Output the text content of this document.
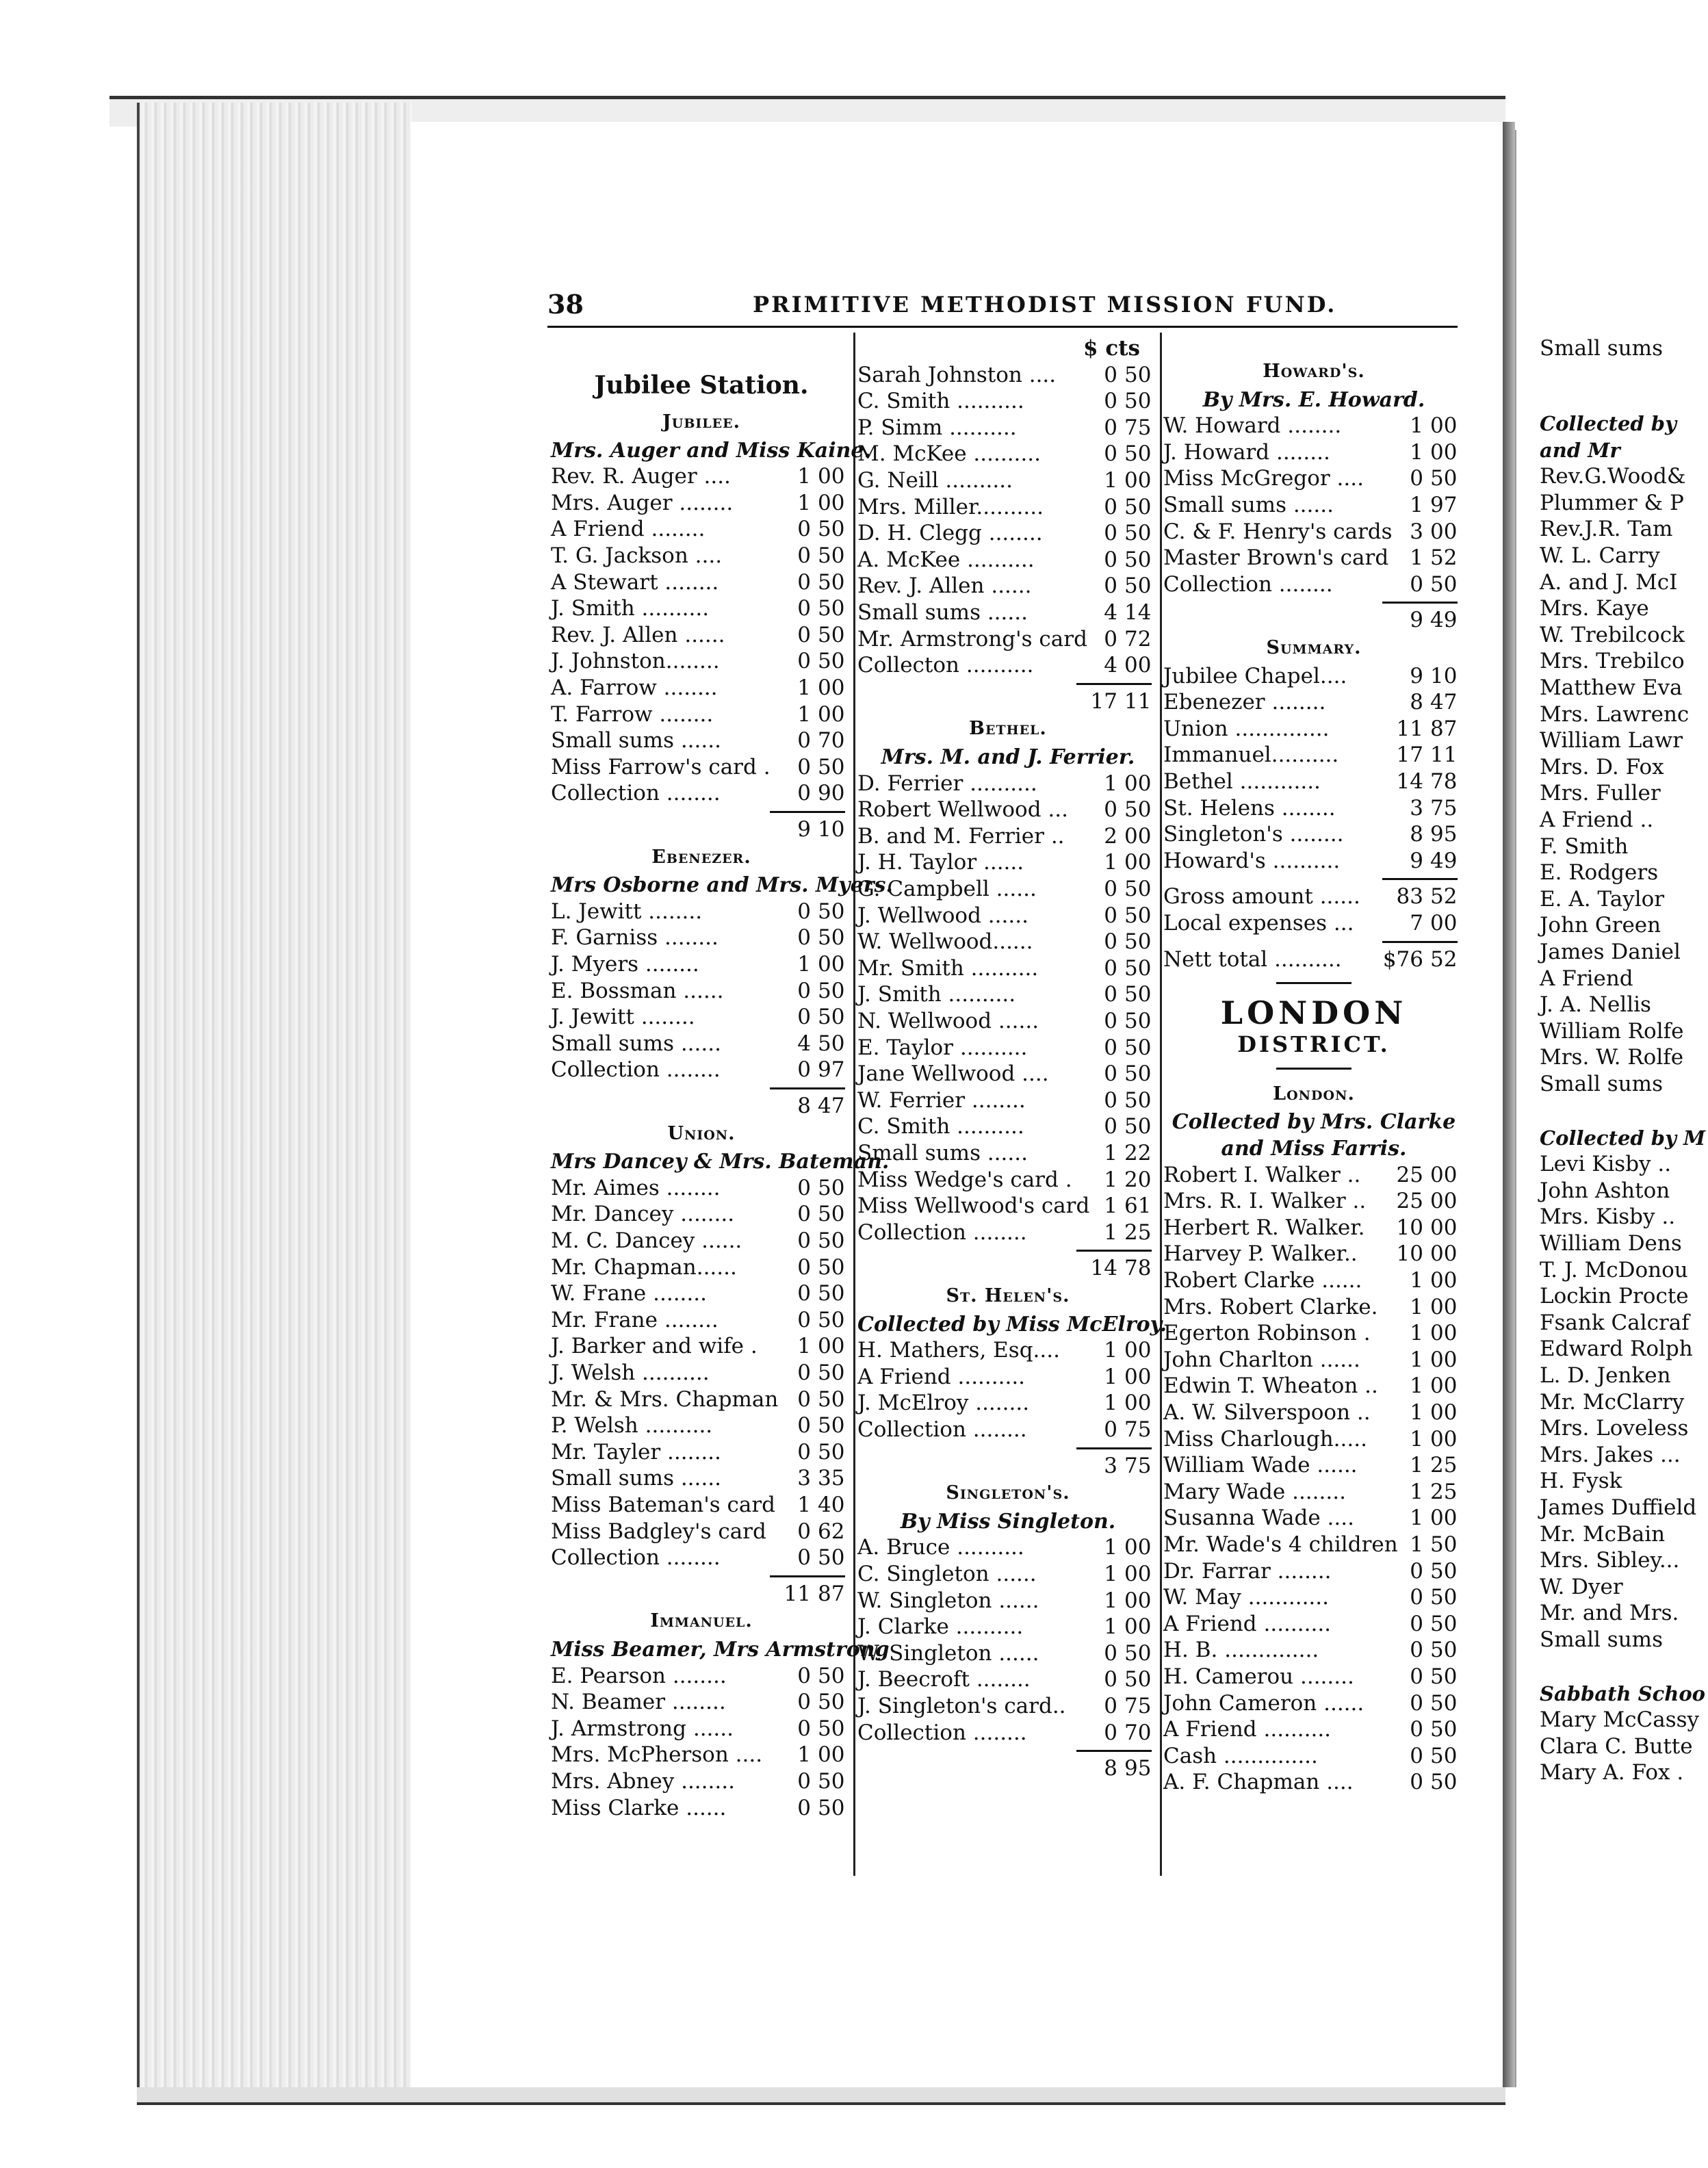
38	PRIMITIVE METHODIST MISSION FUND.
Jubilee Station.
Jubilee.
Mrs. Auger and Miss Kaine.
Rev. R. Auger ....	1 00
Mrs. Auger ........	1 00
A Friend ........	0 50
T. G. Jackson ....	0 50
A Stewart ........	0 50
J. Smith ..........	0 50
Rev. J. Allen ......	0 50
J. Johnston........	0 50
A. Farrow ........	1 00
T. Farrow ........	1 00
Small sums ......	0 70
Miss Farrow's card .	0 50
Collection ........	0 90
9 10
Ebenezer.
Mrs Osborne and Mrs. Myers.
L. Jewitt ........	0 50
F. Garniss ........	0 50
J. Myers ........	1 00
E. Bossman ......	0 50
J. Jewitt ........	0 50
Small sums ......	4 50
Collection ........	0 97
8 47
Union.
Mrs Dancey & Mrs. Bateman.
Mr. Aimes ........	0 50
Mr. Dancey ........	0 50
M. C. Dancey ......	0 50
Mr. Chapman......	0 50
W. Frane ........	0 50
Mr. Frane ........	0 50
J. Barker and wife .	1 00
J. Welsh ..........	0 50
Mr. & Mrs. Chapman 0 50
P. Welsh ..........	0 50
Mr. Tayler ........	0 50
Small sums ......	3 35
Miss Bateman's card	1 40
Miss Badgley's card	0 62
Collection ........	0 50
11 87
Immanuel.
Miss Beamer, Mrs Armstrong
E. Pearson ........	0 50
N. Beamer ........	0 50
J. Armstrong ......	0 50
Mrs. McPherson ....	1 00
Mrs. Abney ........	0 50
Miss Clarke ......	0 50
$ cts
Sarah Johnston ....	0 50
C. Smith ..........	0 50
P. Simm ..........	0 75
M. McKee ..........	0 50
G. Neill ..........	1 00
Mrs. Miller..........	0 50
D. H. Clegg ........	0 50
A. McKee ..........	0 50
Rev. J. Allen ......	0 50
Small sums ......	4 14
Mr. Armstrong's card 0 72
Collecton ..........	4 00
17 11
Bethel.
Mrs. M. and J. Ferrier.
D. Ferrier ..........	1 00
Robert Wellwood ...	0 50
B. and M. Ferrier ..	2 00
J. H. Taylor ......	1 00
G. Campbell ......	0 50
J. Wellwood ......	0 50
W. Wellwood......	0 50
Mr. Smith ..........	0 50
J. Smith ..........	0 50
N. Wellwood ......	0 50
E. Taylor ..........	0 50
Jane Wellwood ....	0 50
W. Ferrier ........	0 50
C. Smith ..........	0 50
Small sums ......	1 22
Miss Wedge's card .	1 20
Miss Wellwood's card 1 61
Collection ........	1 25
14 78
St. Helen's.
Collected by Miss McElroy.
H. Mathers, Esq....	1 00
A Friend ..........	1 00
J. McElroy ........	1 00
Collection ........	0 75
3 75
Singleton's.
By Miss Singleton.
A. Bruce ..........	1 00
C. Singleton ......	1 00
W. Singleton ......	1 00
J. Clarke ..........	1 00
W. Singleton ......	0 50
J. Beecroft ........	0 50
J. Singleton's card..	0 75
Collection ........	0 70
8 95
Howard's.
By Mrs. E. Howard.
W. Howard ........	1 00
J. Howard ........	1 00
Miss McGregor ....	0 50
Small sums ......	1 97
C. & F. Henry's cards 3 00
Master Brown's card	1 52
Collection ........	0 50
9 49
Summary.
Jubilee Chapel....	9 10
Ebenezer ........	8 47
Union ..............	11 87
Immanuel..........	17 11
Bethel ............	14 78
St. Helens ........	3 75
Singleton's ........	8 95
Howard's ..........	9 49
Gross amount ......	83 52
Local expenses ...	7 00
Nett total ..........	$76 52
LONDON
DISTRICT.
London.
Collected by Mrs. Clarke
and Miss Farris.
Robert I. Walker ..	25 00
Mrs. R. I. Walker ..	25 00
Herbert R. Walker.	10 00
Harvey P. Walker..	10 00
Robert Clarke ......	1 00
Mrs. Robert Clarke.	1 00
Egerton Robinson .	1 00
John Charlton ......	1 00
Edwin T. Wheaton ..	1 00
A. W. Silverspoon ..	1 00
Miss Charlough.....	1 00
William Wade ......	1 25
Mary Wade ........	1 25
Susanna Wade ....	1 00
Mr. Wade's 4 children 1 50
Dr. Farrar ........	0 50
W. May ............	0 50
A Friend ..........	0 50
H. B. ..............	0 50
H. Camerou ........	0 50
John Cameron ......	0 50
A Friend ..........	0 50
Cash ..............	0 50
A. F. Chapman ....	0 50
Small sums
Collected by
and Mr
Rev.G.Wood&
Plummer & P
Rev.J.R. Tam
W. L. Carry
A. and J. McI
Mrs. Kaye
W. Trebilcock
Mrs. Trebilco
Matthew Eva
Mrs. Lawrenc
William Lawr
Mrs. D. Fox
Mrs. Fuller
A Friend ..
F. Smith
E. Rodgers
E. A. Taylor
John Green
James Daniel
A Friend
J. A. Nellis
William Rolfe
Mrs. W. Rolfe
Small sums
Collected by M
Levi Kisby ..
John Ashton
Mrs. Kisby ..
William Dens
T. J. McDonou
Lockin Procte
Fsank Calcraf
Edward Rolph
L. D. Jenken
Mr. McClarry
Mrs. Loveless
Mrs. Jakes ...
H. Fysk
James Duffield
Mr. McBain
Mrs. Sibley...
W. Dyer
Mr. and Mrs.
Small sums
Sabbath Schoo
Mary McCassy
Clara C. Butte
Mary A. Fox .
